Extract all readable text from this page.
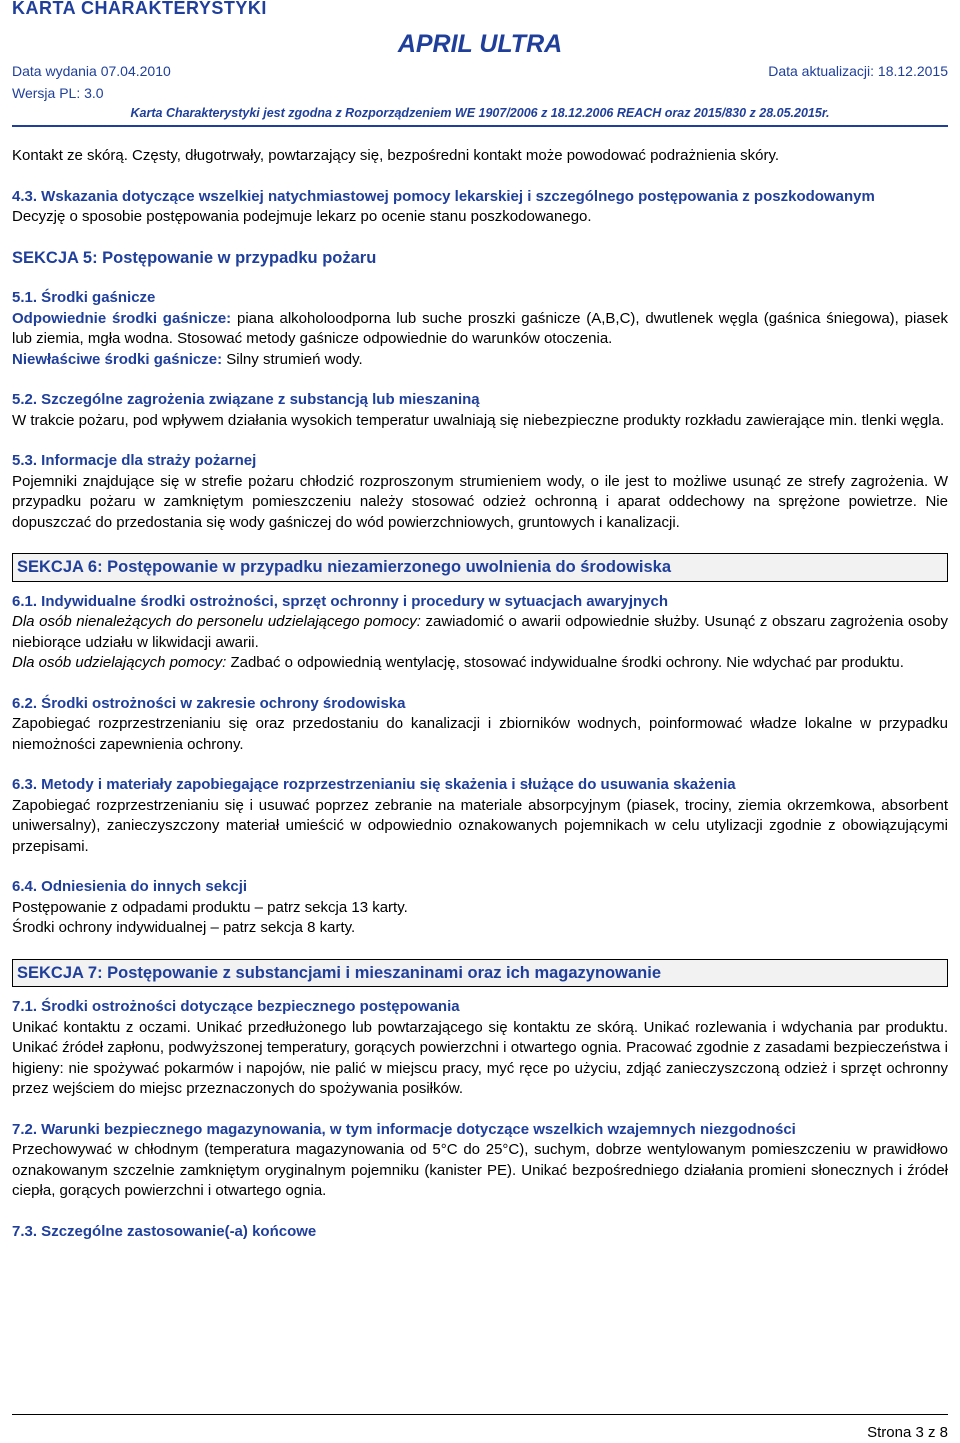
KARTA CHARAKTERYSTYKI
APRIL ULTRA
Data wydania 07.04.2010	Data aktualizacji: 18.12.2015
Wersja PL: 3.0
Karta Charakterystyki jest zgodna z Rozporządzeniem WE 1907/2006 z 18.12.2006 REACH oraz 2015/830 z 28.05.2015r.

Kontakt ze skórą. Częsty, długotrwały, powtarzający się, bezpośredni kontakt może powodować podrażnienia skóry.

4.3. Wskazania dotyczące wszelkiej natychmiastowej pomocy lekarskiej i szczególnego postępowania z poszkodowanym

Decyzję o sposobie postępowania podejmuje lekarz po ocenie stanu poszkodowanego.

SEKCJA 5: Postępowanie w przypadku pożaru

5.1. Środki gaśnicze

Odpowiednie środki gaśnicze: piana alkoholoodporna lub suche proszki gaśnicze (A,B,C), dwutlenek węgla (gaśnica śniegowa), piasek lub ziemia, mgła wodna. Stosować metody gaśnicze odpowiednie do warunków otoczenia.

Niewłaściwe środki gaśnicze: Silny strumień wody.

5.2. Szczególne zagrożenia związane z substancją lub mieszaniną

W trakcie pożaru, pod wpływem działania wysokich temperatur uwalniają się niebezpieczne produkty rozkładu zawierające min. tlenki węgla.

5.3. Informacje dla straży pożarnej

Pojemniki znajdujące się w strefie pożaru chłodzić rozproszonym strumieniem wody, o ile jest to możliwe usunąć ze strefy zagrożenia. W przypadku pożaru w zamkniętym pomieszczeniu należy stosować odzież ochronną i aparat oddechowy na sprężone powietrze. Nie dopuszczać do przedostania się wody gaśniczej do wód powierzchniowych, gruntowych i kanalizacji.

SEKCJA 6: Postępowanie w przypadku niezamierzonego uwolnienia do środowiska

6.1. Indywidualne środki ostrożności, sprzęt ochronny i procedury w sytuacjach awaryjnych

Dla osób nienależących do personelu udzielającego pomocy: zawiadomić o awarii odpowiednie służby. Usunąć z obszaru zagrożenia osoby niebiorące udziału w likwidacji awarii.

Dla osób udzielających pomocy: Zadbać o odpowiednią wentylację, stosować indywidualne środki ochrony. Nie wdychać par produktu.

6.2. Środki ostrożności w zakresie ochrony środowiska

Zapobiegać rozprzestrzenianiu się oraz przedostaniu do kanalizacji i zbiorników wodnych, poinformować władze lokalne w przypadku niemożności zapewnienia ochrony.

6.3. Metody i materiały zapobiegające rozprzestrzenianiu się skażenia i służące do usuwania skażenia

Zapobiegać rozprzestrzenianiu się i usuwać poprzez zebranie na materiale absorpcyjnym (piasek, trociny, ziemia okrzemkowa, absorbent uniwersalny), zanieczyszczony materiał umieścić w odpowiednio oznakowanych pojemnikach w celu utylizacji zgodnie z obowiązującymi przepisami.

6.4. Odniesienia do innych sekcji

Postępowanie z odpadami produktu – patrz sekcja 13 karty.

Środki ochrony indywidualnej – patrz sekcja 8 karty.

SEKCJA 7: Postępowanie z substancjami i mieszaninami oraz ich magazynowanie

7.1. Środki ostrożności dotyczące bezpiecznego postępowania

Unikać kontaktu z oczami. Unikać przedłużonego lub powtarzającego się kontaktu ze skórą. Unikać rozlewania i wdychania par produktu. Unikać źródeł zapłonu, podwyższonej temperatury, gorących powierzchni i otwartego ognia. Pracować zgodnie z zasadami bezpieczeństwa i higieny: nie spożywać pokarmów i napojów, nie palić w miejscu pracy, myć ręce po użyciu, zdjąć zanieczyszczoną odzież i sprzęt ochronny przez wejściem do miejsc przeznaczonych do spożywania posiłków.

7.2. Warunki bezpiecznego magazynowania, w tym informacje dotyczące wszelkich wzajemnych niezgodności

Przechowywać w chłodnym (temperatura magazynowania od 5°C do 25°C), suchym, dobrze wentylowanym pomieszczeniu w prawidłowo oznakowanym szczelnie zamkniętym oryginalnym pojemniku (kanister PE). Unikać bezpośredniego działania promieni słonecznych i źródeł ciepła, gorących powierzchni i otwartego ognia.

7.3. Szczególne zastosowanie(-a) końcowe

Strona 3 z 8
